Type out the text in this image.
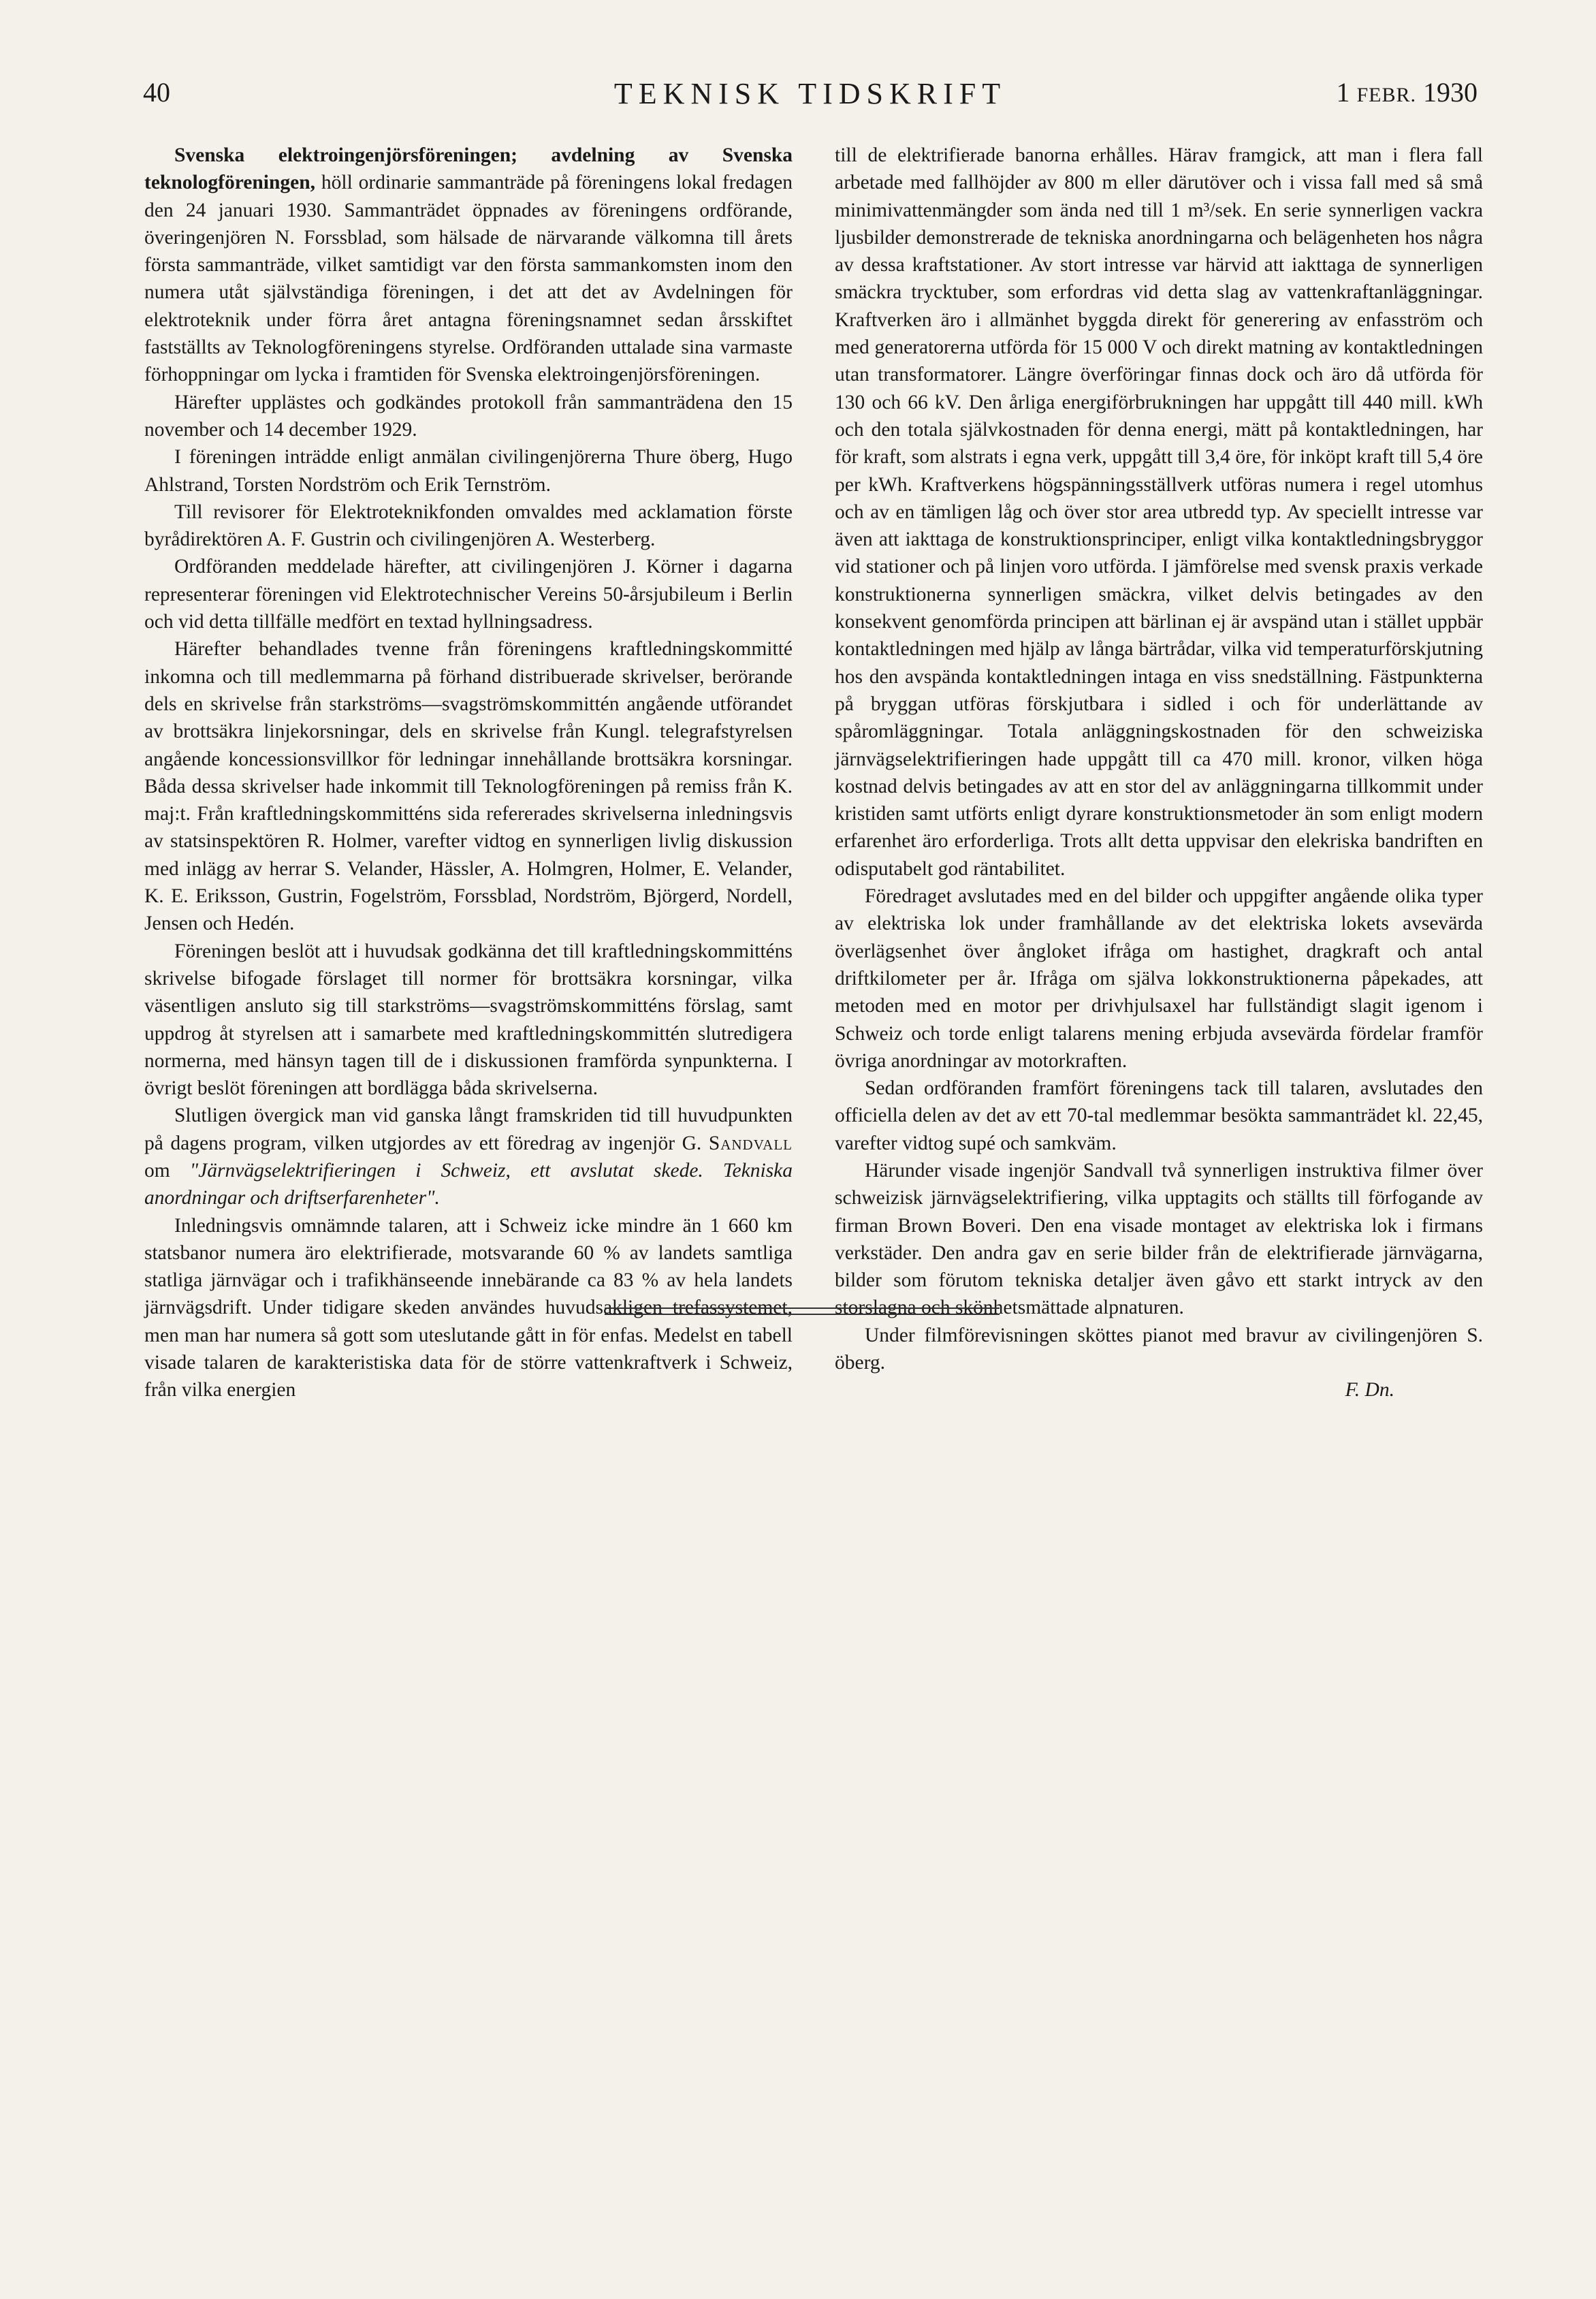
40	TEKNISK TIDSKRIFT	1 FEBR. 1930

Svenska elektroingenjörsföreningen; avdelning av Svenska teknologföreningen, höll ordinarie sammanträde på föreningens lokal fredagen den 24 januari 1930. Sammanträdet öppnades av föreningens ordförande, överingenjören N. Forssblad, som hälsade de närvarande välkomna till årets första sammanträde, vilket samtidigt var den första sammankomsten inom den numera utåt självständiga föreningen, i det att det av Avdelningen för elektroteknik under förra året antagna föreningsnamnet sedan årsskiftet fastställts av Teknologföreningens styrelse. Ordföranden uttalade sina varmaste förhoppningar om lycka i framtiden för Svenska elektroingenjörsföreningen.

Härefter upplästes och godkändes protokoll från sammanträdena den 15 november och 14 december 1929.

I föreningen inträdde enligt anmälan civilingenjörerna Thure öberg, Hugo Ahlstrand, Torsten Nordström och Erik Ternström.

Till revisorer för Elektroteknikfonden omvaldes med acklamation förste byrådirektören A. F. Gustrin och civilingenjören A. Westerberg.

Ordföranden meddelade härefter, att civilingenjören J. Körner i dagarna representerar föreningen vid Elektrotechnischer Vereins 50-årsjubileum i Berlin och vid detta tillfälle medfört en textad hyllningsadress.

Härefter behandlades tvenne från föreningens kraftledningskommitté inkomna och till medlemmarna på förhand distribuerade skrivelser, berörande dels en skrivelse från starkströms—svagströmskommittén angående utförandet av brottsäkra linjekorsningar, dels en skrivelse från Kungl. telegrafstyrelsen angående koncessionsvillkor för ledningar innehållande brottsäkra korsningar. Båda dessa skrivelser hade inkommit till Teknologföreningen på remiss från K. maj:t. Från kraftledningskommitténs sida refererades skrivelserna inledningsvis av statsinspektören R. Holmer, varefter vidtog en synnerligen livlig diskussion med inlägg av herrar S. Velander, Hässler, A. Holmgren, Holmer, E. Velander, K. E. Eriksson, Gustrin, Fogelström, Forssblad, Nordström, Björgerd, Nordell, Jensen och Hedén.

Föreningen beslöt att i huvudsak godkänna det till kraftledningskommitténs skrivelse bifogade förslaget till normer för brottsäkra korsningar, vilka väsentligen ansluto sig till starkströms—svagströmskommitténs förslag, samt uppdrog åt styrelsen att i samarbete med kraftledningskommittén slutredigera normerna, med hänsyn tagen till de i diskussionen framförda synpunkterna. I övrigt beslöt föreningen att bordlägga båda skrivelserna.

Slutligen övergick man vid ganska långt framskriden tid till huvudpunkten på dagens program, vilken utgjordes av ett föredrag av ingenjör G. Sandvall om "Järnvägselektrifieringen i Schweiz, ett avslutat skede. Tekniska anordningar och driftserfarenheter".

Inledningsvis omnämnde talaren, att i Schweiz icke mindre än 1 660 km statsbanor numera äro elektrifierade, motsvarande 60 % av landets samtliga statliga järnvägar och i trafikhänseende innebärande ca 83 % av hela landets järnvägsdrift. Under tidigare skeden användes huvudsakligen trefassystemet, men man har numera så gott som uteslutande gått in för enfas. Medelst en tabell visade talaren de karakteristiska data för de större vattenkraftverk i Schweiz, från vilka energien

till de elektrifierade banorna erhålles. Härav framgick, att man i flera fall arbetade med fallhöjder av 800 m eller därutöver och i vissa fall med så små minimivattenmängder som ända ned till 1 m³/sek. En serie synnerligen vackra ljusbilder demonstrerade de tekniska anordningarna och belägenheten hos några av dessa kraftstationer. Av stort intresse var härvid att iakttaga de synnerligen smäckra trycktuber, som erfordras vid detta slag av vattenkraftanläggningar. Kraftverken äro i allmänhet byggda direkt för generering av enfasström och med generatorerna utförda för 15 000 V och direkt matning av kontaktledningen utan transformatorer. Längre överföringar finnas dock och äro då utförda för 130 och 66 kV. Den årliga energiförbrukningen har uppgått till 440 mill. kWh och den totala självkostnaden för denna energi, mätt på kontaktledningen, har för kraft, som alstrats i egna verk, uppgått till 3,4 öre, för inköpt kraft till 5,4 öre per kWh. Kraftverkens högspänningsställverk utföras numera i regel utomhus och av en tämligen låg och över stor area utbredd typ. Av speciellt intresse var även att iakttaga de konstruktionsprinciper, enligt vilka kontaktledningsbryggor vid stationer och på linjen voro utförda. I jämförelse med svensk praxis verkade konstruktionerna synnerligen smäckra, vilket delvis betingades av den konsekvent genomförda principen att bärlinan ej är avspänd utan i stället uppbär kontaktledningen med hjälp av långa bärtrådar, vilka vid temperaturförskjutning hos den avspända kontaktledningen intaga en viss snedställning. Fästpunkterna på bryggan utföras förskjutbara i sidled i och för underlättande av spåromläggningar. Totala anläggningskostnaden för den schweiziska järnvägselektrifieringen hade uppgått till ca 470 mill. kronor, vilken höga kostnad delvis betingades av att en stor del av anläggningarna tillkommit under kristiden samt utförts enligt dyrare konstruktionsmetoder än som enligt modern erfarenhet äro erforderliga. Trots allt detta uppvisar den elekriska bandriften en odisputabelt god räntabilitet.

Föredraget avslutades med en del bilder och uppgifter angående olika typer av elektriska lok under framhållande av det elektriska lokets avsevärda överlägsenhet över ångloket ifråga om hastighet, dragkraft och antal driftkilometer per år. Ifråga om själva lokkonstruktionerna påpekades, att metoden med en motor per drivhjulsaxel har fullständigt slagit igenom i Schweiz och torde enligt talarens mening erbjuda avsevärda fördelar framför övriga anordningar av motorkraften.

Sedan ordföranden framfört föreningens tack till talaren, avslutades den officiella delen av det av ett 70-tal medlemmar besökta sammanträdet kl. 22,45, varefter vidtog supé och samkväm.

Härunder visade ingenjör Sandvall två synnerligen instruktiva filmer över schweizisk järnvägselektrifiering, vilka upptagits och ställts till förfogande av firman Brown Boveri. Den ena visade montaget av elektriska lok i firmans verkstäder. Den andra gav en serie bilder från de elektrifierade järnvägarna, bilder som förutom tekniska detaljer även gåvo ett starkt intryck av den storslagna och skönhetsmättade alpnaturen.

Under filmförevisningen sköttes pianot med bravur av civilingenjören S. öberg.

F. Dn.
